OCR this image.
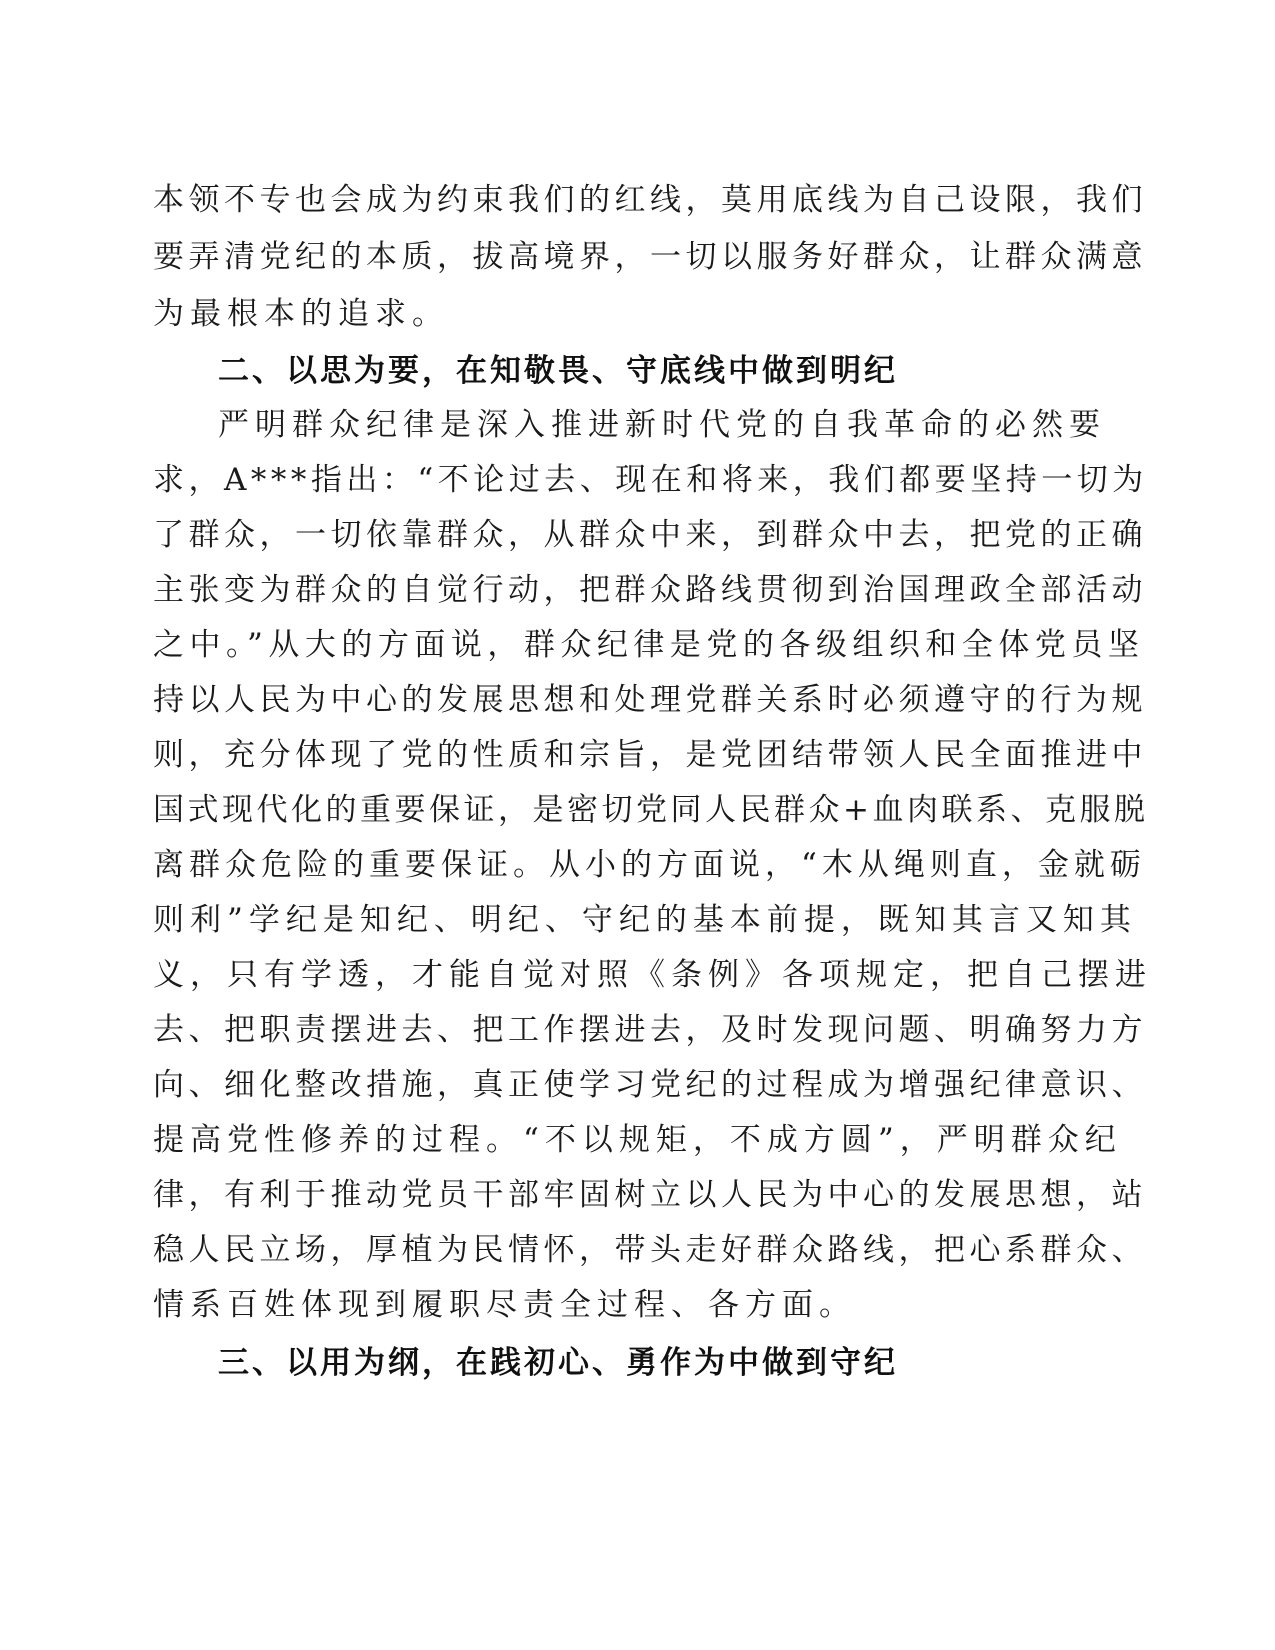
本领不专也会成为约束我们的红线，莫用底线为自己设限，我们
要弄清党纪的本质，拔高境界，一切以服务好群众，让群众满意
为最根本的追求。
二、以思为要，在知敬畏、守底线中做到明纪
严明群众纪律是深入推进新时代党的自我革命的必然要
求，A***指出：“不论过去、现在和将来，我们都要坚持一切为
了群众，一切依靠群众，从群众中来，到群众中去，把党的正确
主张变为群众的自觉行动，把群众路线贯彻到治国理政全部活动
之中。”从大的方面说，群众纪律是党的各级组织和全体党员坚
持以人民为中心的发展思想和处理党群关系时必须遵守的行为规
则，充分体现了党的性质和宗旨，是党团结带领人民全面推进中
国式现代化的重要保证，是密切党同人民群众+血肉联系、克服脱
离群众危险的重要保证。从小的方面说，“木从绳则直，金就砺
则利”学纪是知纪、明纪、守纪的基本前提，既知其言又知其
义，只有学透，才能自觉对照《条例》各项规定，把自己摆进
去、把职责摆进去、把工作摆进去，及时发现问题、明确努力方
向、细化整改措施，真正使学习党纪的过程成为增强纪律意识、
提高党性修养的过程。“不以规矩，不成方圆”，严明群众纪
律，有利于推动党员干部牢固树立以人民为中心的发展思想，站
稳人民立场，厚植为民情怀，带头走好群众路线，把心系群众、
情系百姓体现到履职尽责全过程、各方面。
三、以用为纲，在践初心、勇作为中做到守纪
